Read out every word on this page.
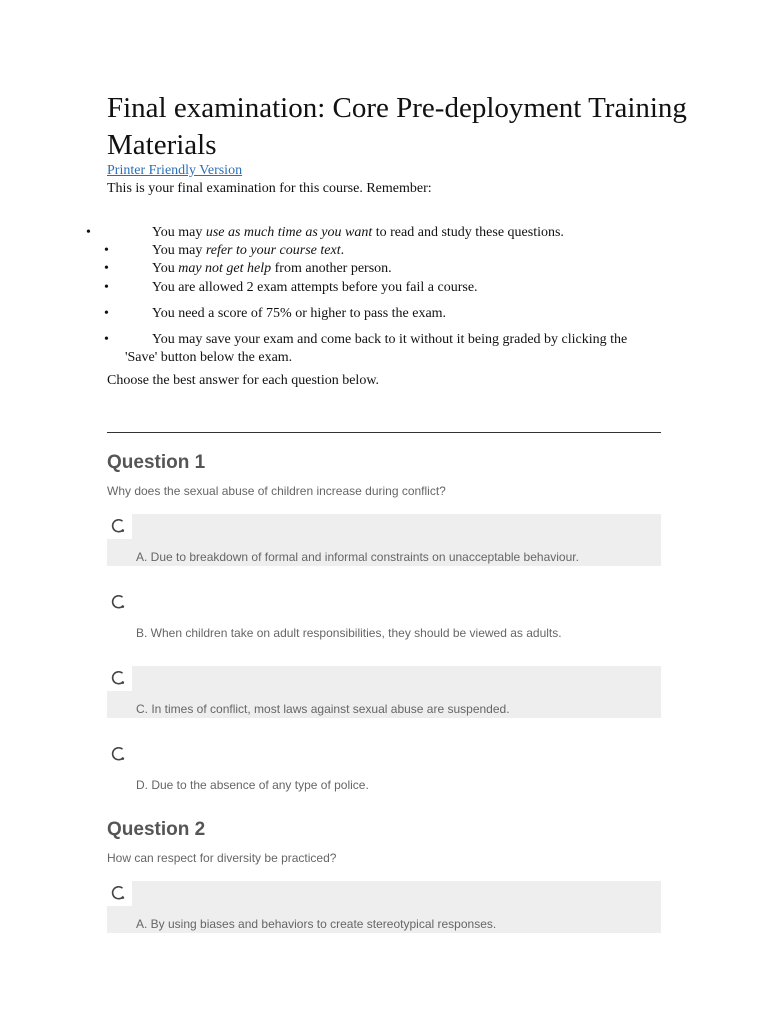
Final examination: Core Pre-deployment Training Materials
Printer Friendly Version
This is your final examination for this course. Remember:
•	You may use as much time as you want to read and study these questions.
•	You may refer to your course text.
•	You may not get help from another person.
•	You are allowed 2 exam attempts before you fail a course.
•	You need a score of 75% or higher to pass the exam.
•	You may save your exam and come back to it without it being graded by clicking the
'Save' button below the exam.
Choose the best answer for each question below.
Question 1
Why does the sexual abuse of children increase during conflict?
A. Due to breakdown of formal and informal constraints on unacceptable behaviour.
B. When children take on adult responsibilities, they should be viewed as adults.
C. In times of conflict, most laws against sexual abuse are suspended.
D. Due to the absence of any type of police.
Question 2
How can respect for diversity be practiced?
A. By using biases and behaviors to create stereotypical responses.
